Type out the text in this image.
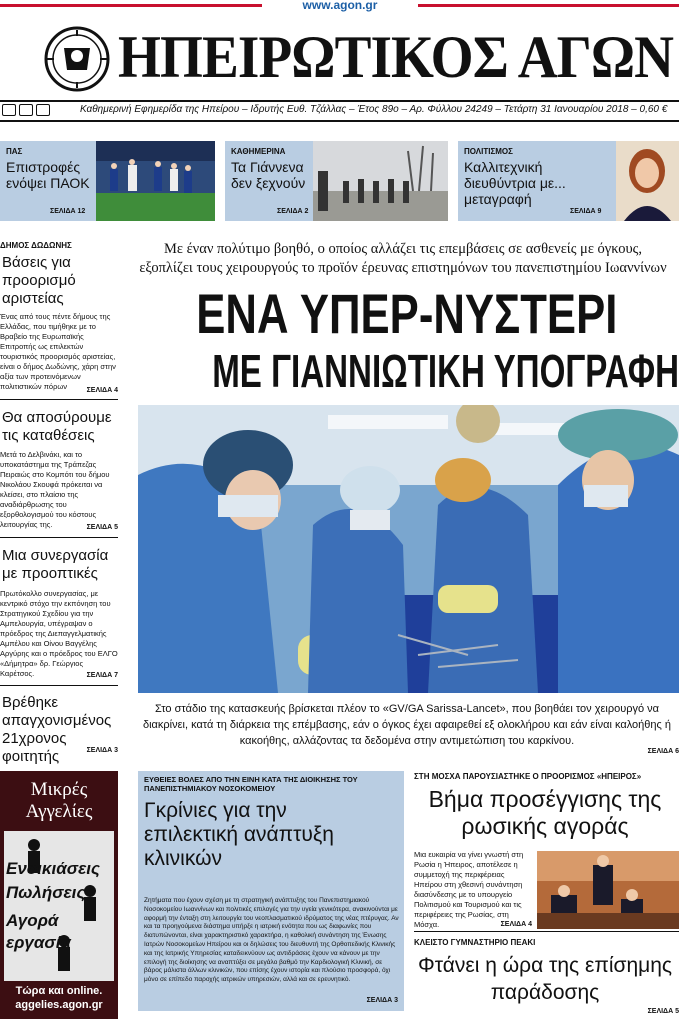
www.agon.gr
ΗΠΕΙΡΩΤΙΚΟΣ ΑΓΩΝ
Καθημερινή Εφημερίδα της Ηπείρου – Ιδρυτής Ευθ. Τζάλλας – Έτος 89ο – Αρ. Φύλλου 24249 – Τετάρτη 31 Ιανουαρίου 2018 – 0,60 €
ΠΑΣ
Επιστροφές ενόψει ΠΑΟΚ
ΣΕΛΙΔΑ 12
ΚΑΘΗΜΕΡΙΝΑ
Τα Γιάννενα δεν ξεχνούν
ΣΕΛΙΔΑ 2
ΠΟΛΙΤΙΣΜΟΣ
Καλλιτεχνική διευθύντρια με... μεταγραφή
ΣΕΛΙΔΑ 9
ΔΗΜΟΣ ΔΩΔΩΝΗΣ
Βάσεις για προορισμό αριστείας
Ένας από τους πέντε δήμους της Ελλάδας, που τιμήθηκε με το Βραβείο της Ευρωπαϊκής Επιτροπής ως επιλεκτών τουριστικός προορισμός αριστείας, είναι ο δήμος Δωδώνης, χάρη στην αξία των προτεινόμενων πολιτιστικών πόρων	ΣΕΛΙΔΑ 4
Θα αποσύρουμε τις καταθέσεις
Μετά το Δελβινάκι, και το υποκατάστημα της Τράπεζας Πειραιώς στο Κομπότι του δήμου Νικολάου Σκουφά πρόκειται να κλείσει, στο πλαίσιο της αναδιάρθρωσης του εξορθολογισμού του κόστους λειτουργίας της.	ΣΕΛΙΔΑ 5
Μια συνεργασία με προοπτικές
Πρωτόκολλο συνεργασίας, με κεντρικό στόχο την εκπόνηση του Στρατηγικού Σχεδίου για την Αμπελουργία, υπέγραψαν ο πρόεδρος της Διεπαγγελματικής Αμπέλου και Οίνου Βαγγέλης Αργύρης και ο πρόεδρος του ΕΛΓΟ «Δήμητρα» δρ. Γεώργιος Καρέτσος.	ΣΕΛΙΔΑ 7
Βρέθηκε απαγχονισμένος 21χρονος φοιτητής	ΣΕΛΙΔΑ 3
Με έναν πολύτιμο βοηθό, ο οποίος αλλάζει τις επεμβάσεις σε ασθενείς με όγκους, εξοπλίζει τους χειρουργούς το προϊόν έρευνας επιστημόνων του πανεπιστημίου Ιωαννίνων
ΕΝΑ ΥΠΕΡ-ΝΥΣΤΕΡΙ
ΜΕ ΓΙΑΝΝΙΩΤΙΚΗ ΥΠΟΓΡΑΦΗ
Στο στάδιο της κατασκευής βρίσκεται πλέον το «GV/GA Sarissa-Lancet», που βοηθάει τον χειρουργό να διακρίνει, κατά τη διάρκεια της επέμβασης, εάν ο όγκος έχει αφαιρεθεί εξ ολοκλήρου και εάν είναι καλοήθης ή κακοήθης, αλλάζοντας τα δεδομένα στην αντιμετώπιση του καρκίνου.
ΣΕΛΙΔΑ 6
Μικρές
Αγγελίες
Ενοικιάσεις
Πωλήσεις
Αγορά
εργασία
Τώρα και online.
aggelies.agon.gr
ΕΥΘΕΙΕΣ ΒΟΛΕΣ ΑΠΟ ΤΗΝ ΕΙΝΗ ΚΑΤΑ ΤΗΣ ΔΙΟΙΚΗΣΗΣ ΤΟΥ ΠΑΝΕΠΙΣΤΗΜΙΑΚΟΥ ΝΟΣΟΚΟΜΕΙΟΥ
Γκρίνιες για την επιλεκτική ανάπτυξη κλινικών
Ζητήματα που έχουν σχέση με τη στρατηγική ανάπτυξης του Πανεπιστημιακού Νοσοκομείου Ιωαννίνων και πολιτικές επιλογές για την υγεία γενικότερα, ανακινούνται με αφορμή την ένταξη στη λειτουργία του νεοπλασματικού ιδρύματος της νέας πτέρυγας. Αν και τα προηγούμενα διάστημα υπήρξε η ιατρική ενότητα που ως διαφωνίες που διατυπώνονται, είναι χαρακτηριστικό χαρακτήρα, η καθολική συνάντηση της Ένωσης Ιατρών Νοσοκομείων Ηπείρου και οι δηλώσεις του διευθυντή της Ορθοπεδικής Κλινικής και της Ιατρικής Υπηρεσίας καταδεικνύουν ως αντιδράσεις έχουν να κάνουν με την επιλογή της διοίκησης να αναπτύξει σε μεγάλο βαθμό την Καρδιολογική Κλινική, σε βάρος μάλιστα άλλων κλινικών, που επίσης έχουν ιστορία και πλούσιο προσφορά, όχι μόνο σε επίπεδο παροχής ιατρικών υπηρεσιών, αλλά και σε ερευνητικό.
ΣΕΛΙΔΑ 3
ΣΤΗ ΜΟΣΧΑ ΠΑΡΟΥΣΙΑΣΤΗΚΕ Ο ΠΡΟΟΡΙΣΜΟΣ «ΗΠΕΙΡΟΣ»
Βήμα προσέγγισης της ρωσικής αγοράς
Μια ευκαιρία να γίνει γνωστή στη Ρωσία η Ήπειρος, αποτέλεσε η συμμετοχή της περιφέρειας Ηπείρου στη χθεσινή συνάντηση διασύνδεσης με το υπουργείο Πολιτισμού και Τουρισμού και τις περιφέρειες της Ρωσίας, στη Μόσχα.	ΣΕΛΙΔΑ 4
ΚΛΕΙΣΤΟ ΓΥΜΝΑΣΤΗΡΙΟ ΠΕΑΚΙ
Φτάνει η ώρα της επίσημης παράδοσης
ΣΕΛΙΔΑ 5
